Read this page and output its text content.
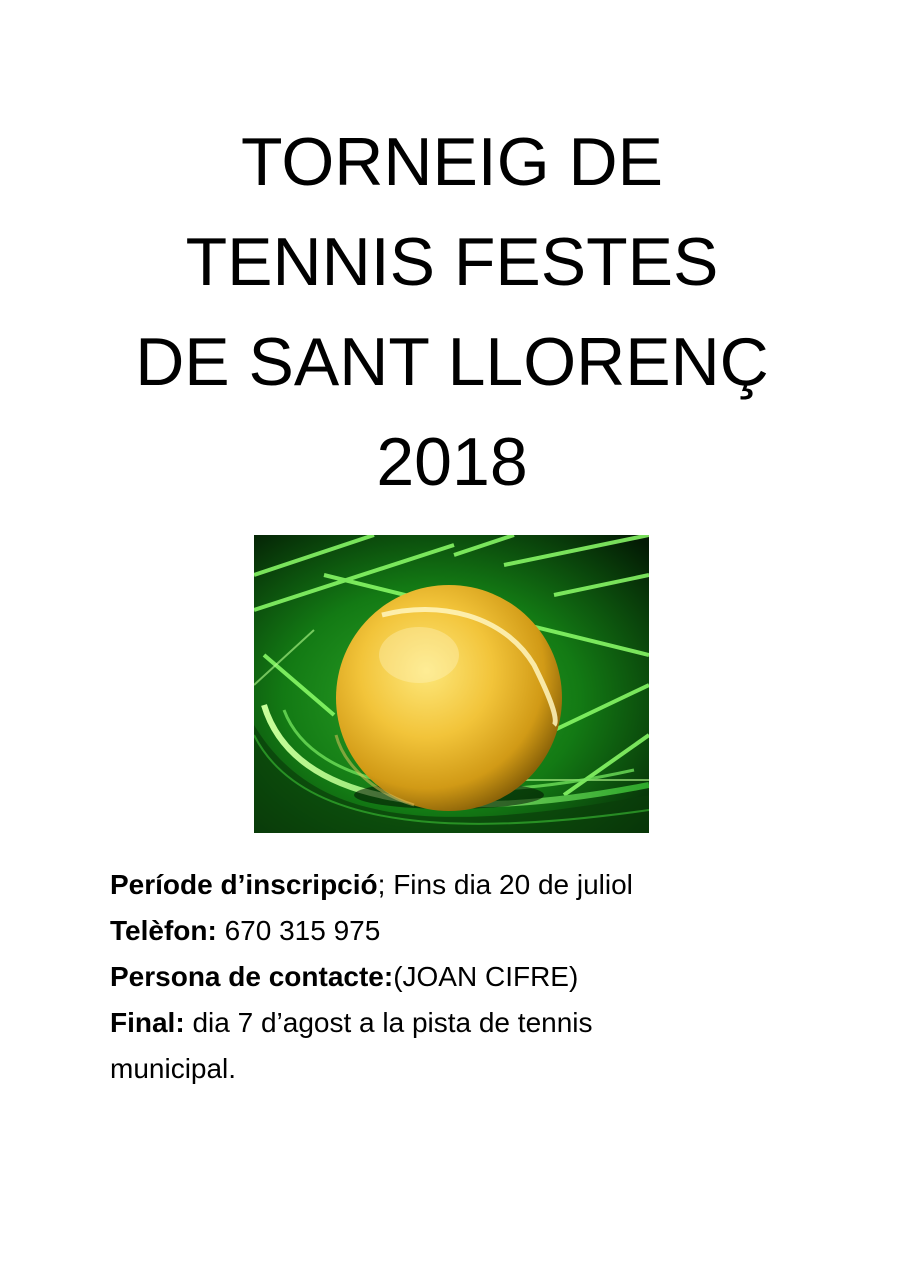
TORNEIG DE
TENNIS FESTES
DE SANT LLORENÇ
2018

Període d’inscripció; Fins dia 20 de juliol

Telèfon: 670 315 975

Persona de contacte:(JOAN CIFRE)

Final: dia 7 d’agost a la pista de tennis

municipal.
